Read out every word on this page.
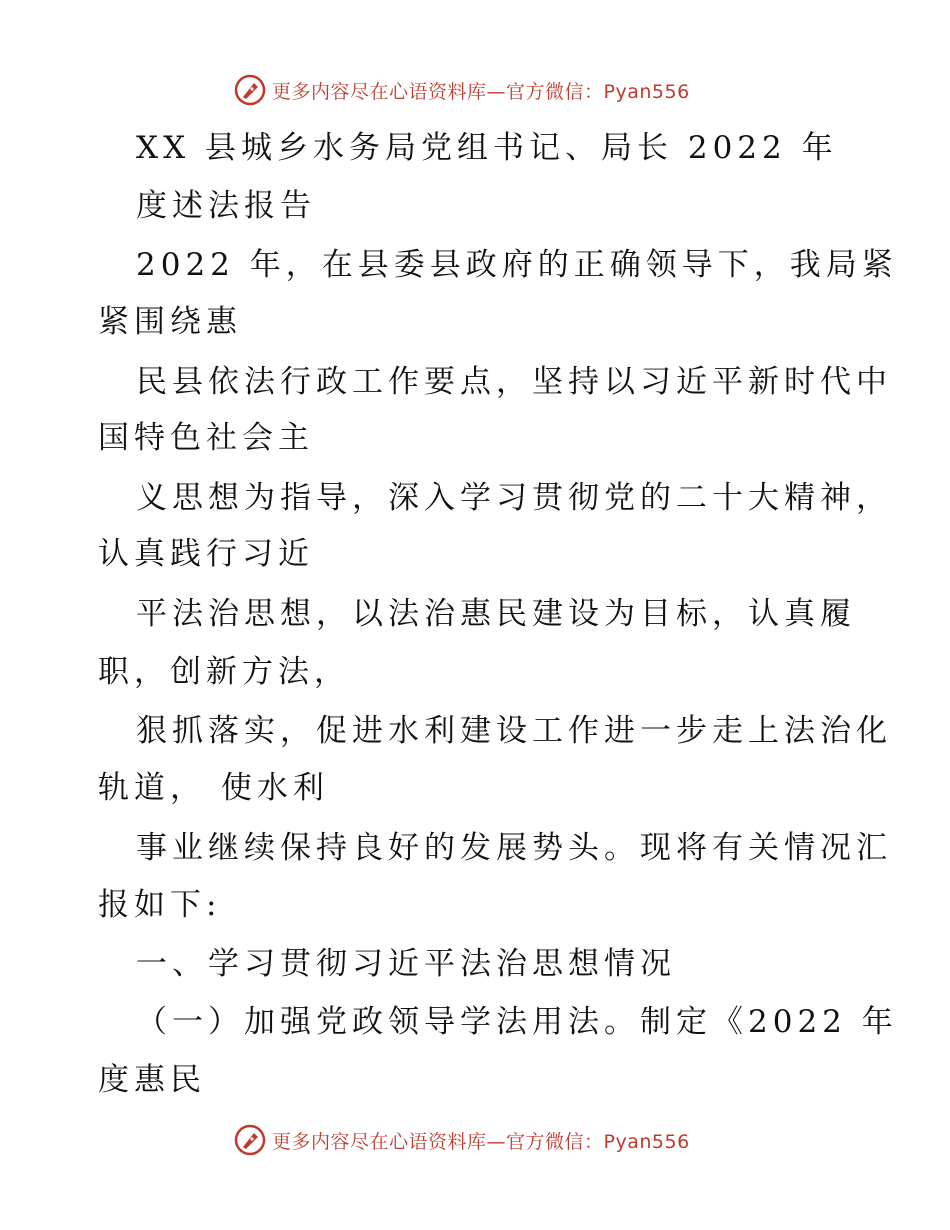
更多内容尽在心语资料库—官方微信：Pyan556
XX 县城乡水务局党组书记、局长 2022 年
度述法报告
2022 年，在县委县政府的正确领导下，我局紧
紧围绕惠
民县依法行政工作要点，坚持以习近平新时代中
国特色社会主
义思想为指导，深入学习贯彻党的二十大精神，
认真践行习近
平法治思想，以法治惠民建设为目标，认真履
职，创新方法，
狠抓落实，促进水利建设工作进一步走上法治化
轨道， 使水利
事业继续保持良好的发展势头。现将有关情况汇
报如下:
一、学习贯彻习近平法治思想情况
（一）加强党政领导学法用法。制定《2022 年
度惠民
更多内容尽在心语资料库—官方微信：Pyan556
